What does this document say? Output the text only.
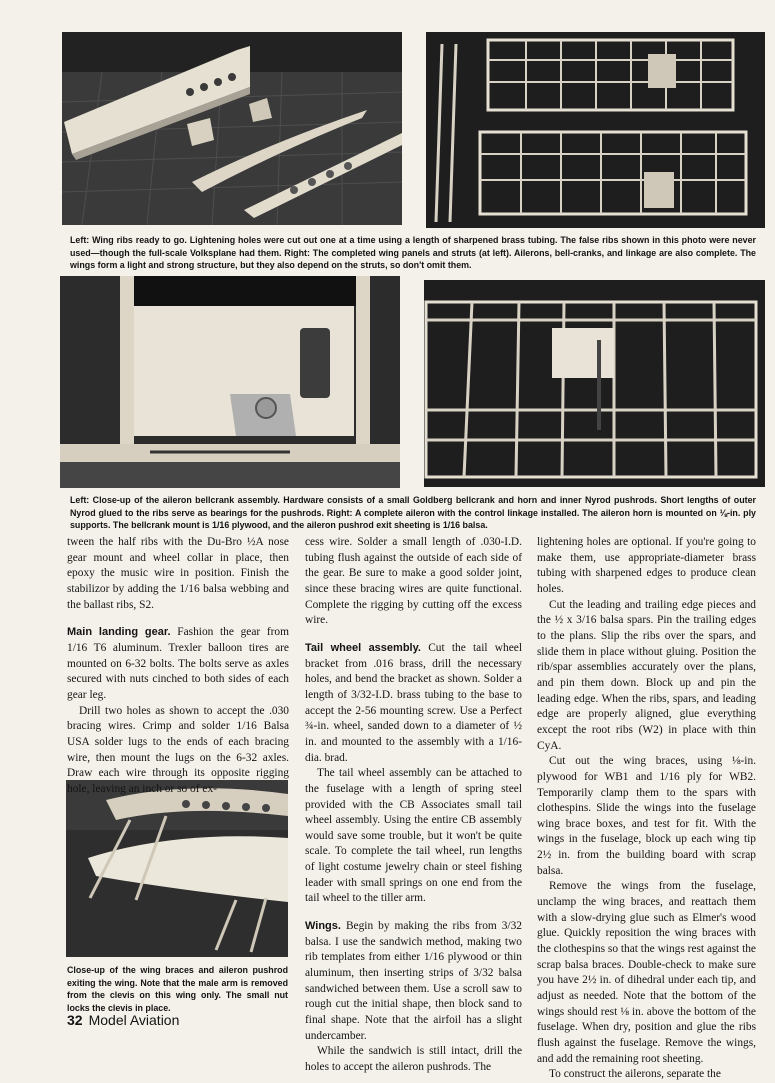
Left: Wing ribs ready to go. Lightening holes were cut out one at a time using a length of sharpened brass tubing. The false ribs shown in this photo were never used—though the full-scale Volksplane had them. Right: The completed wing panels and struts (at left). Ailerons, bell-cranks, and linkage are also complete. The wings form a light and strong structure, but they also depend on the struts, so don't omit them.

Left: Close-up of the aileron bellcrank assembly. Hardware consists of a small Goldberg bellcrank and horn and inner Nyrod pushrods. Short lengths of outer Nyrod glued to the ribs serve as bearings for the pushrods. Right: A complete aileron with the control linkage installed. The aileron horn is mounted on ⅛-in. ply supports. The bellcrank mount is 1/16 plywood, and the aileron pushrod exit sheeting is 1/16 balsa.

Close-up of the wing braces and aileron pushrod exiting the wing. Note that the male arm is removed from the clevis on this wing only. The small nut locks the clevis in place.

tween the half ribs with the Du-Bro ½A nose gear mount and wheel collar in place, then epoxy the music wire in position. Finish the stabilizor by adding the 1/16 balsa webbing and the ballast ribs, S2.

Main landing gear. Fashion the gear from 1/16 T6 aluminum. Trexler balloon tires are mounted on 6-32 bolts. The bolts serve as axles secured with nuts cinched to both sides of each gear leg.

Drill two holes as shown to accept the .030 bracing wires. Crimp and solder 1/16 Balsa USA solder lugs to the ends of each bracing wire, then mount the lugs on the 6-32 axles. Draw each wire through its opposite rigging hole, leaving an inch or so of ex-

cess wire. Solder a small length of .030-I.D. tubing flush against the outside of each side of the gear. Be sure to make a good solder joint, since these bracing wires are quite functional. Complete the rigging by cutting off the excess wire.

Tail wheel assembly. Cut the tail wheel bracket from .016 brass, drill the necessary holes, and bend the bracket as shown. Solder a length of 3/32-I.D. brass tubing to the base to accept the 2-56 mounting screw. Use a Perfect ¾-in. wheel, sanded down to a diameter of ½ in. and mounted to the assembly with a 1/16-dia. brad.

The tail wheel assembly can be attached to the fuselage with a length of spring steel provided with the CB Associates small tail wheel assembly. Using the entire CB assembly would save some trouble, but it won't be quite scale. To complete the tail wheel, run lengths of light costume jewelry chain or steel fishing leader with small springs on one end from the tail wheel to the tiller arm.

Wings. Begin by making the ribs from 3/32 balsa. I use the sandwich method, making two rib templates from either 1/16 plywood or thin aluminum, then inserting strips of 3/32 balsa sandwiched between them. Use a scroll saw to rough cut the initial shape, then block sand to final shape. Note that the airfoil has a slight undercamber.

While the sandwich is still intact, drill the holes to accept the aileron pushrods. The

lightening holes are optional. If you're going to make them, use appropriate-diameter brass tubing with sharpened edges to produce clean holes.

Cut the leading and trailing edge pieces and the ½ x 3/16 balsa spars. Pin the trailing edges to the plans. Slip the ribs over the spars, and slide them in place without gluing. Position the rib/spar assemblies accurately over the plans, and pin them down. Block up and pin the leading edge. When the ribs, spars, and leading edge are properly aligned, glue everything except the root ribs (W2) in place with thin CyA.

Cut out the wing braces, using ⅛-in. plywood for WB1 and 1/16 ply for WB2. Temporarily clamp them to the spars with clothespins. Slide the wings into the fuselage wing brace boxes, and test for fit. With the wings in the fuselage, block up each wing tip 2½ in. from the building board with scrap balsa.

Remove the wings from the fuselage, unclamp the wing braces, and reattach them with a slow-drying glue such as Elmer's wood glue. Quickly reposition the wing braces with the clothespins so that the wings rest against the scrap balsa braces. Double-check to make sure you have 2½ in. of dihedral under each tip, and adjust as needed. Note that the bottom of the wings should rest ⅛ in. above the bottom of the fuselage. When dry, position and glue the ribs flush against the fuselage. Remove the wings, and add the remaining root sheeting.

To construct the ailerons, separate the

32 Model Aviation
